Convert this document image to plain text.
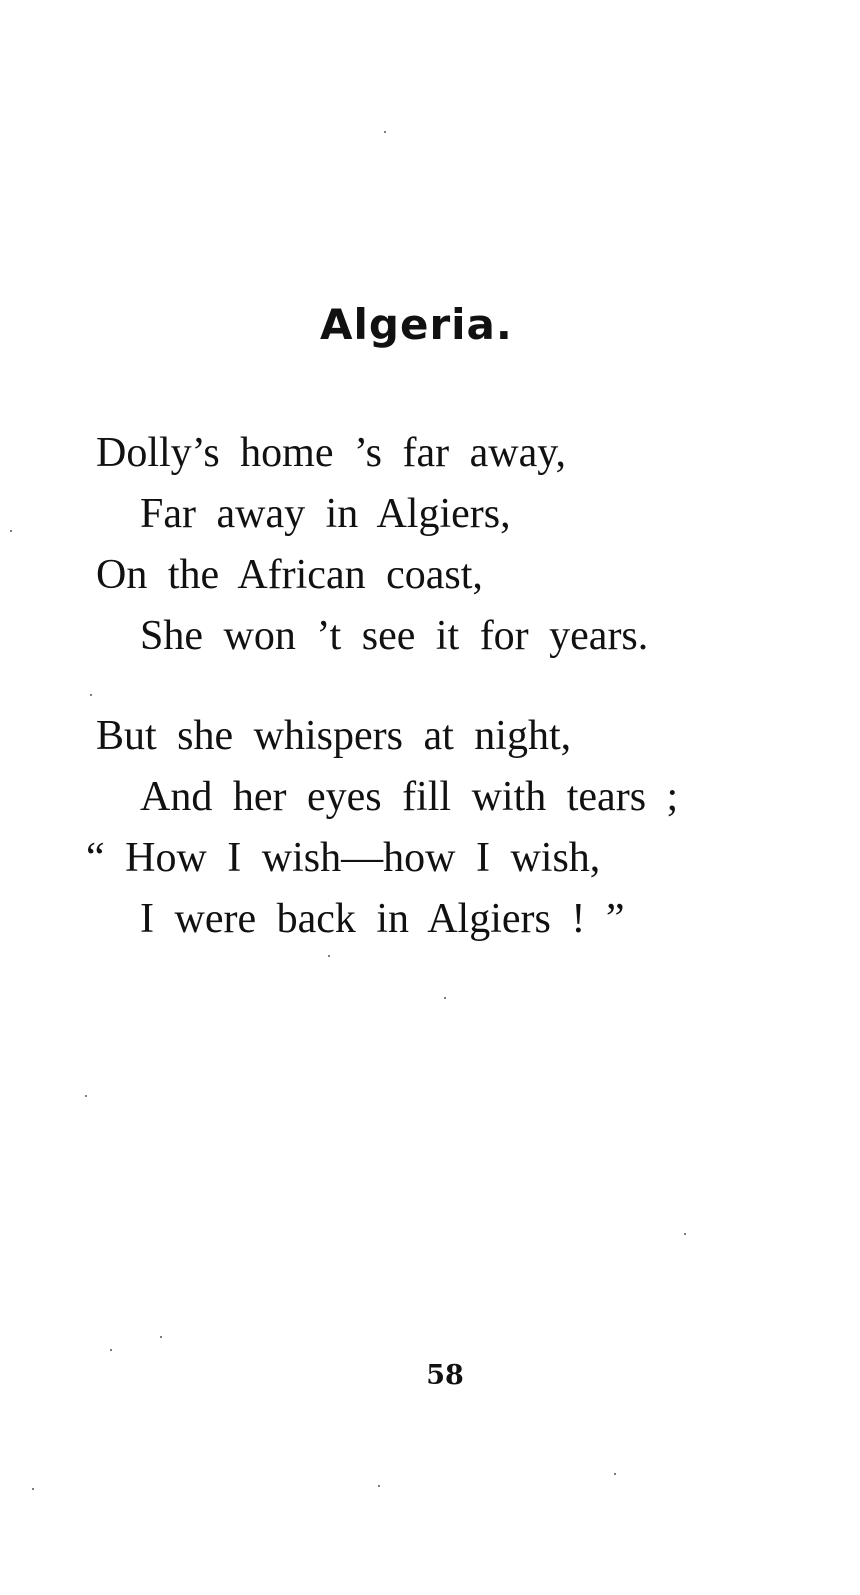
Algeria.
Dolly’s home ’s far away,
Far away in Algiers,
On the African coast,
She won ’t see it for years.
But she whispers at night,
And her eyes fill with tears ;
“ How I wish—how I wish,
I were back in Algiers ! ”
58
